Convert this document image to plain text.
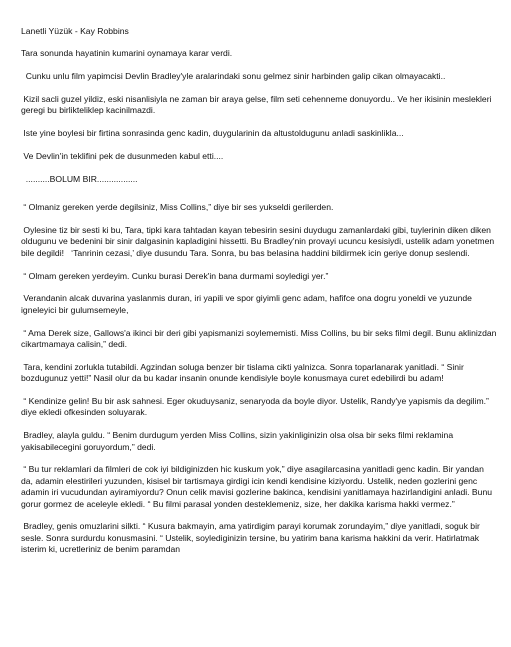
Lanetli Yüzük - Kay Robbins

Tara sonunda hayatinin kumarini oynamaya karar verdi.

Cunku unlu film yapimcisi Devlin Bradley'yle aralarindaki sonu gelmez sinir harbinden galip cikan olmayacakti..

Kizil sacli guzel yildiz, eski nisanlisiyla ne zaman bir araya gelse, film seti cehenneme donuyordu.. Ve her ikisinin meslekleri geregi bu birlikteliklер kacinilmazdi.

Iste yine boylesi bir firtina sonrasinda genc kadin, duygularinin da altustoldugunu anladi saskinlikla...

Ve Devlin'in teklifini pek de dusunmeden kabul etti....

..........BOLUM BIR.................

“ Olmaniz gereken yerde degilsiniz, Miss Collins,” diye bir ses yukseldi gerilerden.

Oylesine tiz bir sesti ki bu, Tara, tipki kara tahtadan kayan tebesirin sesini duydugu zamanlardaki gibi, tuylerinin diken diken oldugunu ve bedenini bir sinir dalgasinin kapladigini hissetti. Bu Bradley'nin provayi ucuncu kesisiydi, ustelik adam yonetmen bile degildi!   ‘Tanrinin cezasi,’ diye dusundu Tara. Sonra, bu bas belasina haddini bildirmek icin geriye donup seslendi.

“ Olmam gereken yerdeyim. Cunku burasi Derek'in bana durmami soyledigi yer.”

Verandanin alcak duvarina yaslanmis duran, iri yapili ve spor giyimli genc adam, hafifce ona dogru yoneldi ve yuzunde igneleyici bir gulumsemeyle,

“ Ama Derek size, Gallows'a ikinci bir deri gibi yapismanizi soylememisti. Miss Collins, bu bir seks filmi degil. Bunu aklinizdan cikartmamaya calisin,” dedi.

Tara, kendini zorlukla tutabildi. Agzindan soluga benzer bir tislama cikti yalnizca. Sonra toparlanarak yanitladi. “ Sinir bozdugunuz yetti!” Nasil olur da bu kadar insanin onunde kendisiyle boyle konusmaya curet edebilirdi bu adam!

“ Kendinize gelin! Bu bir ask sahnesi. Eger okuduysaniz, senaryoda da boyle diyor. Ustelik, Randy'ye yapismis da degilim.” diye ekledi ofkesinden soluyarak.

Bradley, alayla guldu. “ Benim durdugum yerden Miss Collins, sizin yakinliginizin olsa olsa bir seks filmi reklamina yakisabilecegini goruyordum,” dedi.

“ Bu tur reklamlari da filmleri de cok iyi bildiginizden hic kuskum yok,” diye asagilarcasina yanitladi genc kadin. Bir yandan da, adamin elestirileri yuzunden, kisisel bir tartismaya girdigi icin kendi kendisine kiziyordu. Ustelik, neden gozlerini genc adamin iri vucudundan ayiramiyordu? Onun celik mavisi gozlerine bakinca, kendisini yanitlamaya hazirlandigini anladi. Bunu gorur gormez de aceleyle ekledi. “ Bu filmi parasal yonden desteklemeniz, size, her dakika karisma hakki vermez.”

Bradley, genis omuzlarini silkti. “ Kusura bakmayin, ama yatirdigim parayi korumak zorundayim,” diye yanitladi, soguk bir sesle. Sonra surdurdu konusmasini. “ Ustelik, soylediginizin tersine, bu yatirim bana karisma hakkini da verir. Hatirlatmak isterim ki, ucretleriniz de benim paramdan
